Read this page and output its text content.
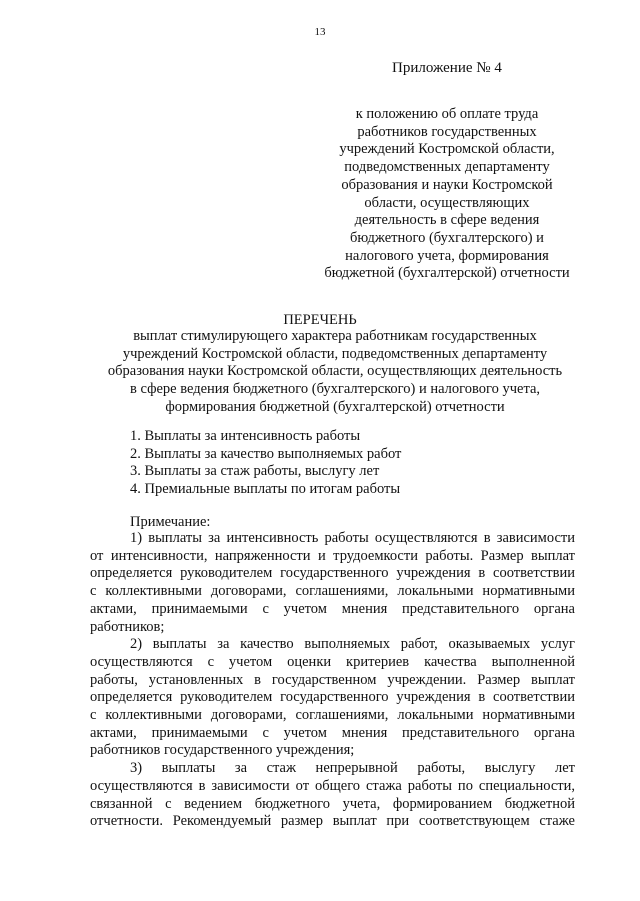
13
Приложение № 4
к положению об оплате труда
работников государственных
учреждений Костромской области,
подведомственных департаменту
образования и науки Костромской
области, осуществляющих
деятельность в сфере ведения
бюджетного (бухгалтерского) и
налогового учета, формирования
бюджетной (бухгалтерской) отчетности
ПЕРЕЧЕНЬ
выплат стимулирующего характера работникам государственных
учреждений Костромской области, подведомственных департаменту
образования науки Костромской области, осуществляющих деятельность
в сфере ведения бюджетного (бухгалтерского) и налогового учета,
формирования бюджетной (бухгалтерской) отчетности
1. Выплаты за интенсивность работы
2. Выплаты за качество выполняемых работ
3. Выплаты за стаж работы, выслугу лет
4. Премиальные выплаты по итогам работы
Примечание:
1) выплаты за интенсивность работы осуществляются в зависимости
от интенсивности, напряженности и трудоемкости работы. Размер выплат
определяется руководителем государственного учреждения в соответствии
с коллективными договорами, соглашениями, локальными нормативными
актами, принимаемыми с учетом мнения представительного органа
работников;
2) выплаты за качество выполняемых работ, оказываемых услуг
осуществляются с учетом оценки критериев качества выполненной
работы, установленных в государственном учреждении. Размер выплат
определяется руководителем государственного учреждения в соответствии
с коллективными договорами, соглашениями, локальными нормативными
актами, принимаемыми с учетом мнения представительного органа
работников государственного учреждения;
3) выплаты за стаж непрерывной работы, выслугу лет
осуществляются в зависимости от общего стажа работы по специальности,
связанной с ведением бюджетного учета, формированием бюджетной
отчетности. Рекомендуемый размер выплат при соответствующем стаже
